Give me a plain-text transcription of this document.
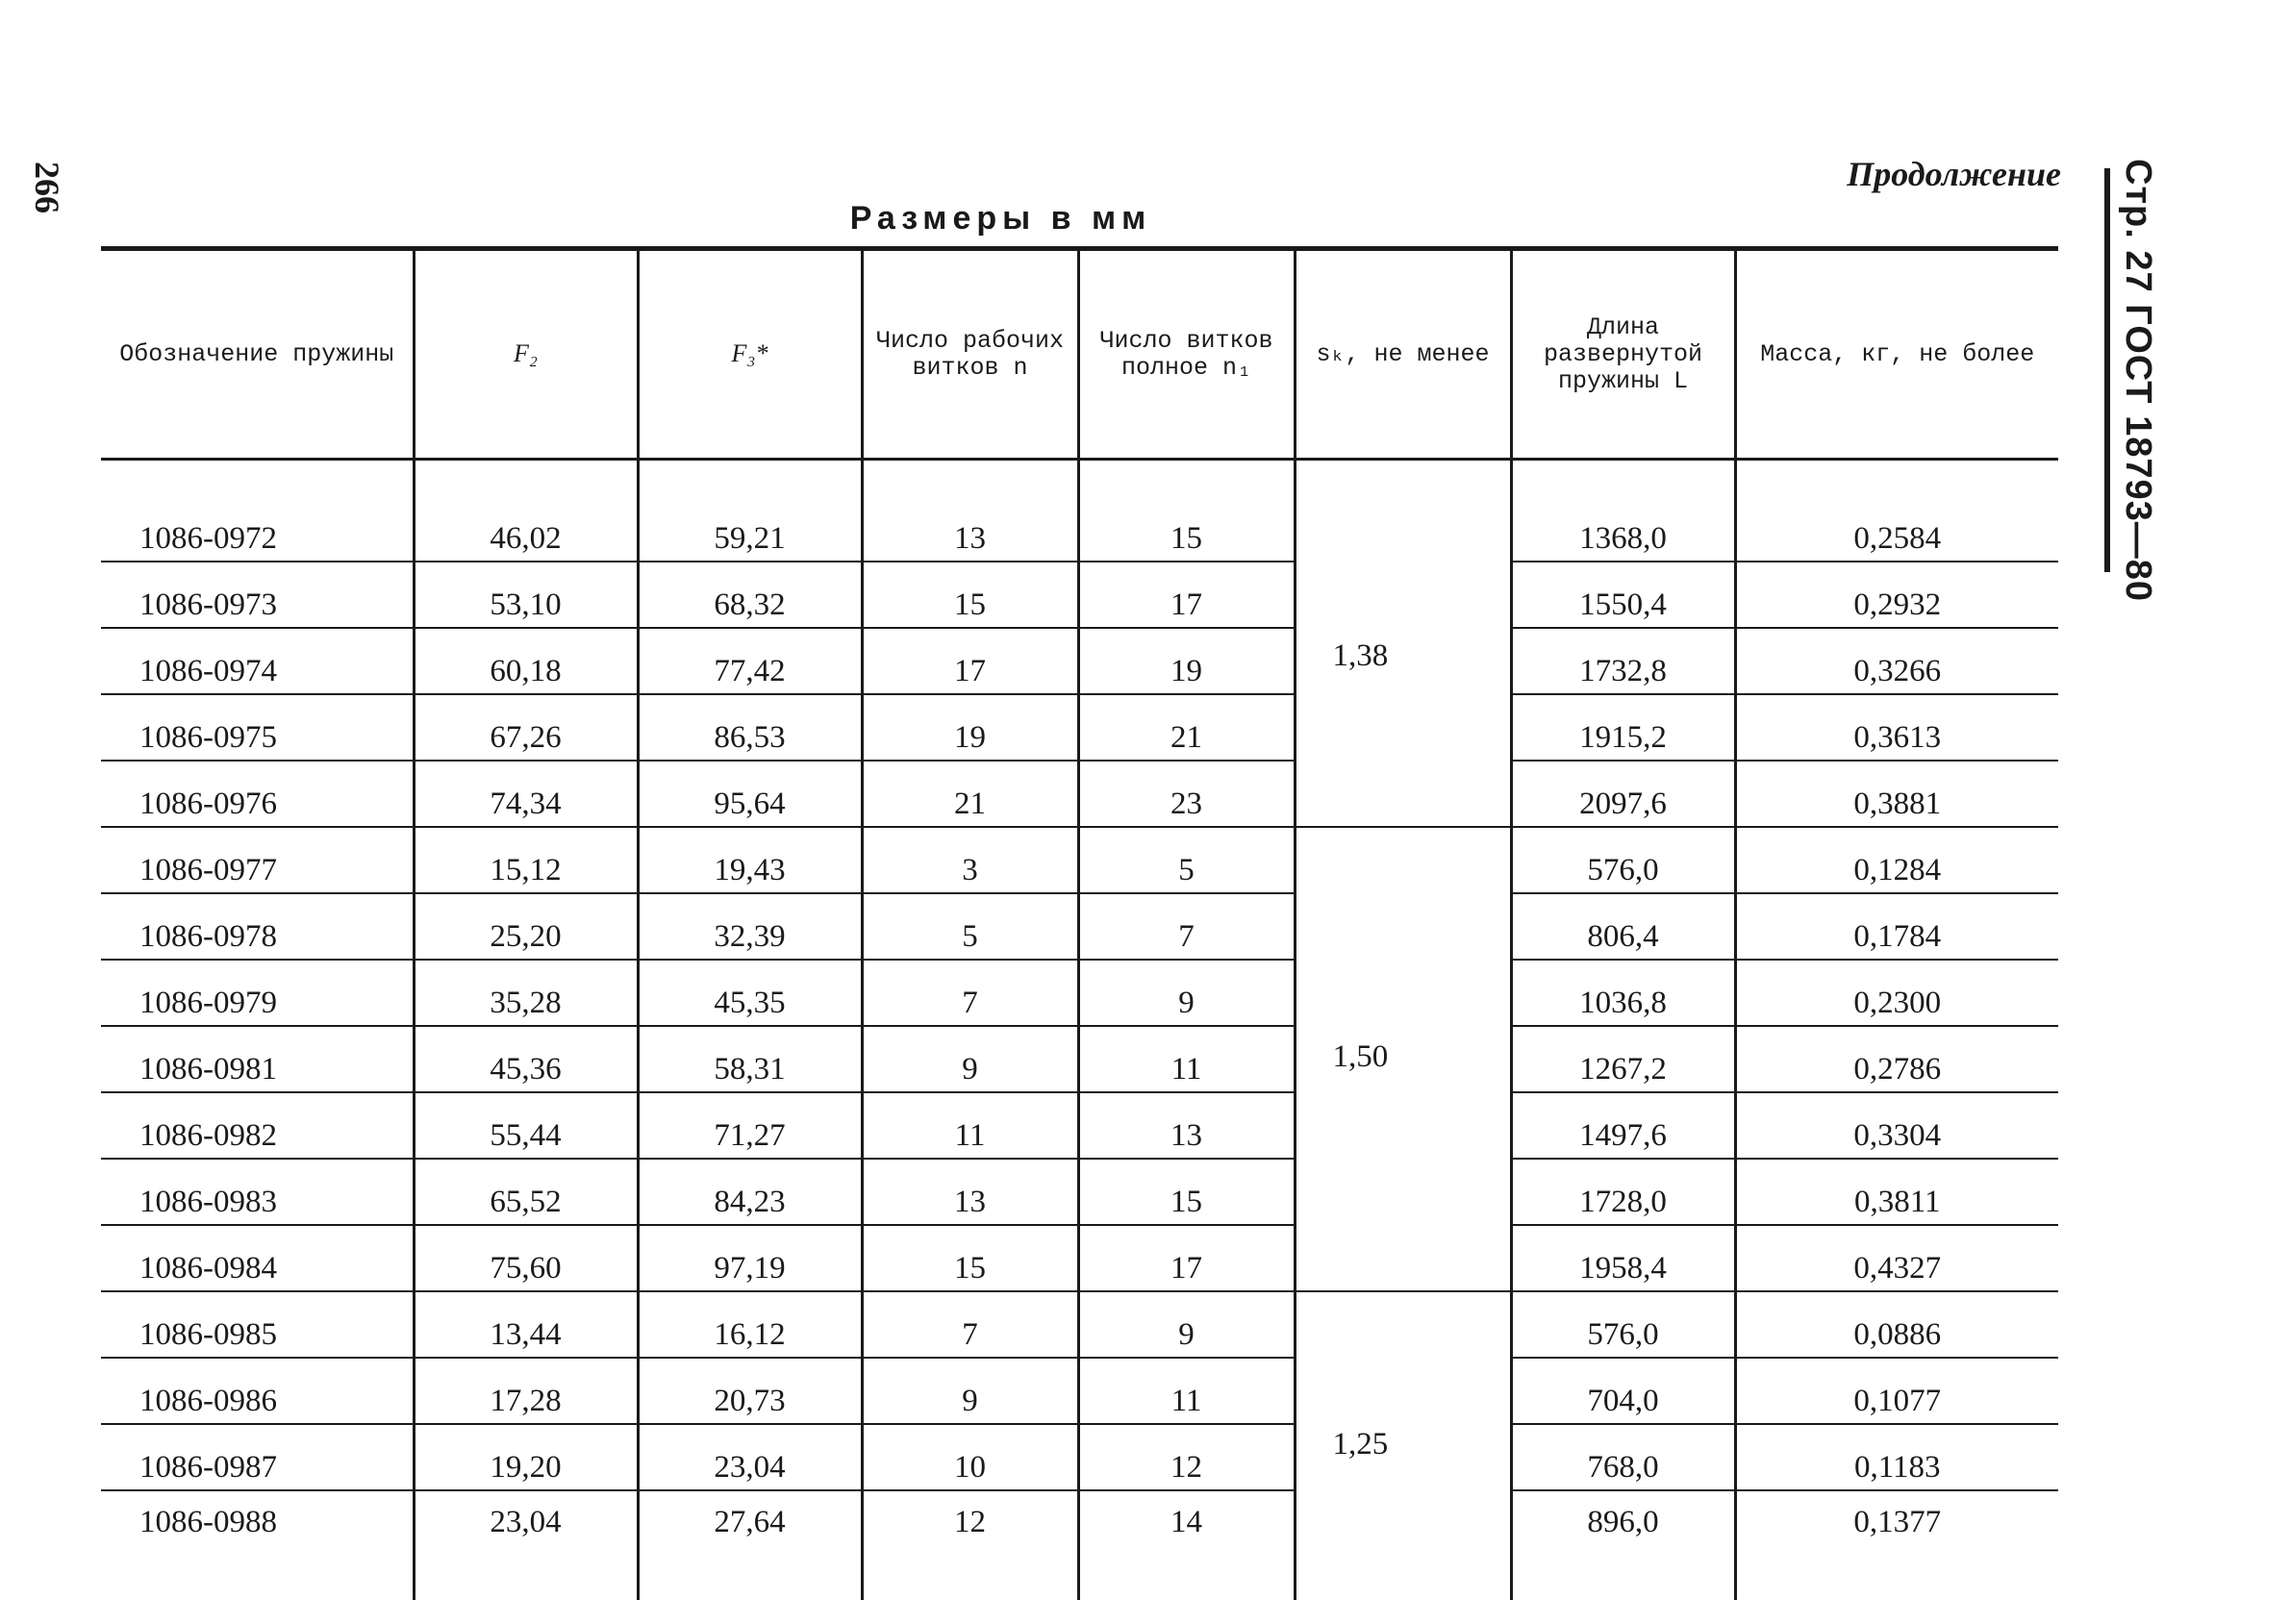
266	Стр. 27 ГОСТ 18793—80
Продолжение
Размеры в мм
Обозначение пружины	F₂	F₃*	Число рабочих витков n	Число витков полное n₁	sₖ, не менее	Длина развернутой пружины L	Масса, кг, не более
1086-0972	46,02	59,21	13	15	1,38	1368,0	0,2584
1086-0973	53,10	68,32	15	17		1550,4	0,2932
1086-0974	60,18	77,42	17	19		1732,8	0,3266
1086-0975	67,26	86,53	19	21		1915,2	0,3613
1086-0976	74,34	95,64	21	23		2097,6	0,3881
1086-0977	15,12	19,43	3	5	1,50	576,0	0,1284
1086-0978	25,20	32,39	5	7		806,4	0,1784
1086-0979	35,28	45,35	7	9		1036,8	0,2300
1086-0981	45,36	58,31	9	11		1267,2	0,2786
1086-0982	55,44	71,27	11	13		1497,6	0,3304
1086-0983	65,52	84,23	13	15		1728,0	0,3811
1086-0984	75,60	97,19	15	17		1958,4	0,4327
1086-0985	13,44	16,12	7	9	1,25	576,0	0,0886
1086-0986	17,28	20,73	9	11		704,0	0,1077
1086-0987	19,20	23,04	10	12		768,0	0,1183
1086-0988	23,04	27,64	12	14		896,0	0,1377
